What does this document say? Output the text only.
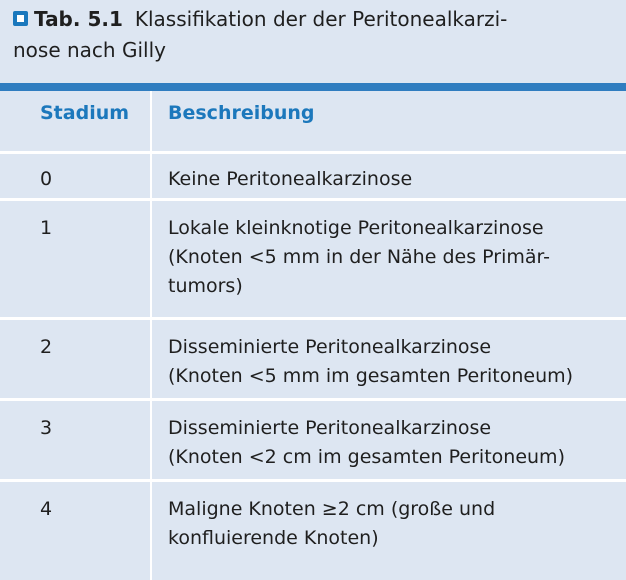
Tab. 5.1 Klassifikation der der Peritonealkarzi-
nose nach Gilly
Stadium Beschreibung
0	Keine Peritonealkarzinose
1	Lokale kleinknotige Peritonealkarzinose
(Knoten <5 mm in der Nähe des Primär-
tumors)
2	Disseminierte Peritonealkarzinose
(Knoten <5 mm im gesamten Peritoneum)
3	Disseminierte Peritonealkarzinose
(Knoten <2 cm im gesamten Peritoneum)
4	Maligne Knoten ≥2 cm (große und
konfluierende Knoten)
